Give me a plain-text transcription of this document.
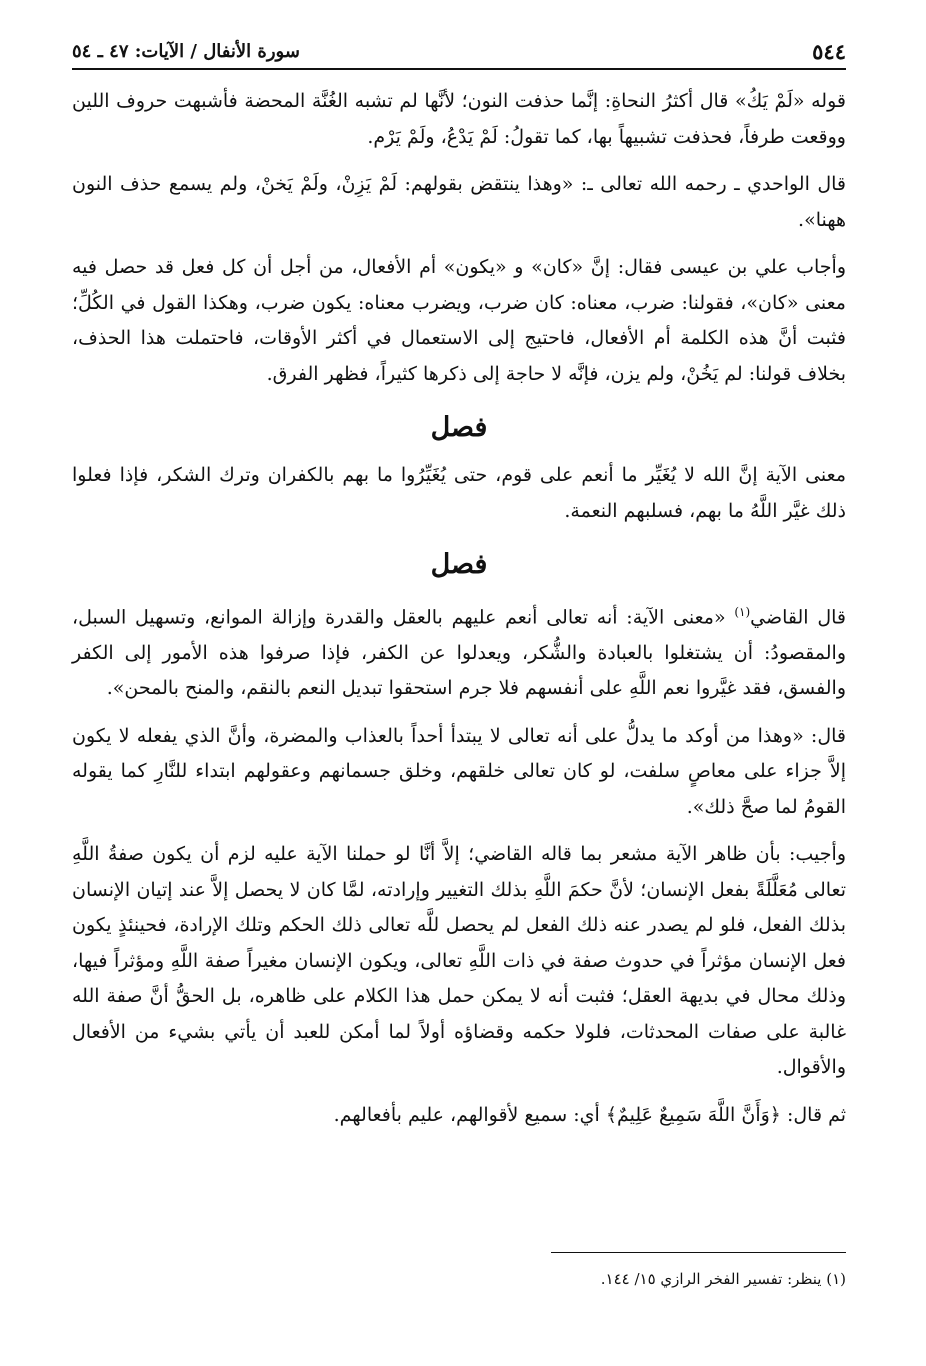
٥٤٤
سورة الأنفال / الآيات: ٤٧ ـ ٥٤

قوله «لَمْ يَكُ» قال أكثرُ النحاةِ: إنَّما حذفت النون؛ لأنَّها لم تشبه الغُنَّة المحضة فأشبهت حروف اللين ووقعت طرفاً، فحذفت تشبيهاً بها، كما تقولُ: لَمْ يَدْعُ، ولَمْ يَرْم.

قال الواحدي ـ رحمه الله تعالى ـ: «وهذا ينتقض بقولهم: لَمْ يَزِنْ، ولَمْ يَخنْ، ولم يسمع حذف النون ههنا».

وأجاب علي بن عيسى فقال: إنَّ «كان» و «يكون» أم الأفعال، من أجل أن كل فعل قد حصل فيه معنى «كان»، فقولنا: ضرب، معناه: كان ضرب، ويضرب معناه: يكون ضرب، وهكذا القول في الكُلِّ؛ فثبت أنَّ هذه الكلمة أم الأفعال، فاحتيج إلى الاستعمال في أكثر الأوقات، فاحتملت هذا الحذف، بخلاف قولنا: لم يَخُنْ، ولم يزن، فإنَّه لا حاجة إلى ذكرها كثيراً، فظهر الفرق.

فصل

معنى الآية إنَّ الله لا يُغَيِّر ما أنعم على قوم، حتى يُغَيِّرُوا ما بهم بالكفران وترك الشكر، فإذا فعلوا ذلك غيَّر اللَّهُ ما بهم، فسلبهم النعمة.

فصل

قال القاضي$^{(١)}$ «معنى الآية: أنه تعالى أنعم عليهم بالعقل والقدرة وإزالة الموانع، وتسهيل السبل، والمقصودُ: أن يشتغلوا بالعبادة والشُّكر، ويعدلوا عن الكفر، فإذا صرفوا هذه الأمور إلى الكفر والفسق، فقد غيَّروا نعم اللَّهِ على أنفسهم فلا جرم استحقوا تبديل النعم بالنقم، والمنح بالمحن».

قال: «وهذا من أوكد ما يدلُّ على أنه تعالى لا يبتدأ أحداً بالعذاب والمضرة، وأنَّ الذي يفعله لا يكون إلاَّ جزاء على معاصٍ سلفت، لو كان تعالى خلقهم، وخلق جسمانهم وعقولهم ابتداء للنَّارِ كما يقوله القومُ لما صحَّ ذلك».

وأجيب: بأن ظاهر الآية مشعر بما قاله القاضي؛ إلاَّ أنَّا لو حملنا الآية عليه لزم أن يكون صفةُ اللَّهِ تعالى مُعَلَّلَةً بفعل الإنسان؛ لأنَّ حكمَ اللَّهِ بذلك التغيير وإرادته، لمَّا كان لا يحصل إلاَّ عند إتيان الإنسان بذلك الفعل، فلو لم يصدر عنه ذلك الفعل لم يحصل للَّه تعالى ذلك الحكم وتلك الإرادة، فحينئذٍ يكون فعل الإنسان مؤثراً في حدوث صفة في ذات اللَّهِ تعالى، ويكون الإنسان مغيراً صفة اللَّهِ ومؤثراً فيها، وذلك محال في بديهة العقل؛ فثبت أنه لا يمكن حمل هذا الكلام على ظاهره، بل الحقُّ أنَّ صفة الله غالبة على صفات المحدثات، فلولا حكمه وقضاؤه أولاً لما أمكن للعبد أن يأتي بشيء من الأفعال والأقوال.

ثم قال: ﴿وَأَنَّ اللَّهَ سَمِيعٌ عَلِيمٌ﴾ أي: سميع لأقوالهم، عليم بأفعالهم.

(١) ينظر: تفسير الفخر الرازي ١٥/ ١٤٤.
